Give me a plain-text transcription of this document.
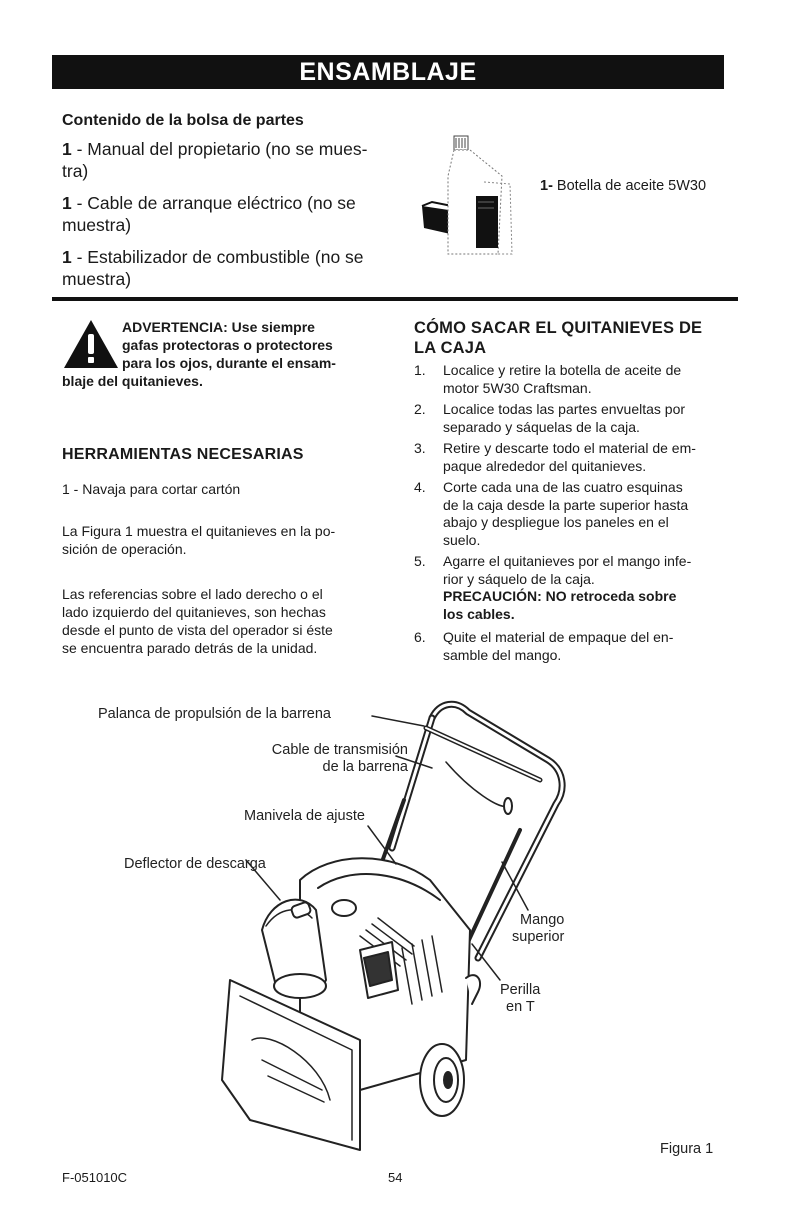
ENSAMBLAJE
Contenido de la bolsa de partes
1 - Manual del propietario (no se mues-
tra)
1 - Cable de arranque eléctrico (no se
muestra)
1 - Estabilizador de combustible (no se
muestra)
1- Botella de aceite 5W30
ADVERTENCIA: Use siempre
gafas protectoras o protectores
para los ojos, durante el ensam-
blaje del quitanieves.
HERRAMIENTAS NECESARIAS
1 - Navaja para cortar cartón
La Figura 1 muestra el quitanieves en la po-
sición de operación.
Las referencias sobre el lado derecho o el
lado izquierdo del quitanieves, son hechas
desde el punto de vista del operador si éste
se encuentra parado detrás de la unidad.
CÓMO SACAR EL QUITANIEVES DE
LA CAJA
1.	Localice y retire la botella de aceite de
motor 5W30 Craftsman.
2.	Localice todas las partes envueltas por
separado y sáquelas de la caja.
3.	Retire y descarte todo el material de em-
paque alrededor del quitanieves.
4.	Corte cada una de las cuatro esquinas
de la caja desde la parte superior hasta
abajo y despliegue los paneles en el
suelo.
5.	Agarre el quitanieves por el mango infe-
rior y sáquelo de la caja.
PRECAUCIÓN: NO retroceda sobre
los cables.
6.	Quite el material de empaque del en-
samble del mango.
Palanca de propulsión de la barrena
Cable de transmisión
de la barrena
Manivela de ajuste
Deflector de descarga
Mango
superior
Perilla
en T
Figura 1
F-051010C	54
